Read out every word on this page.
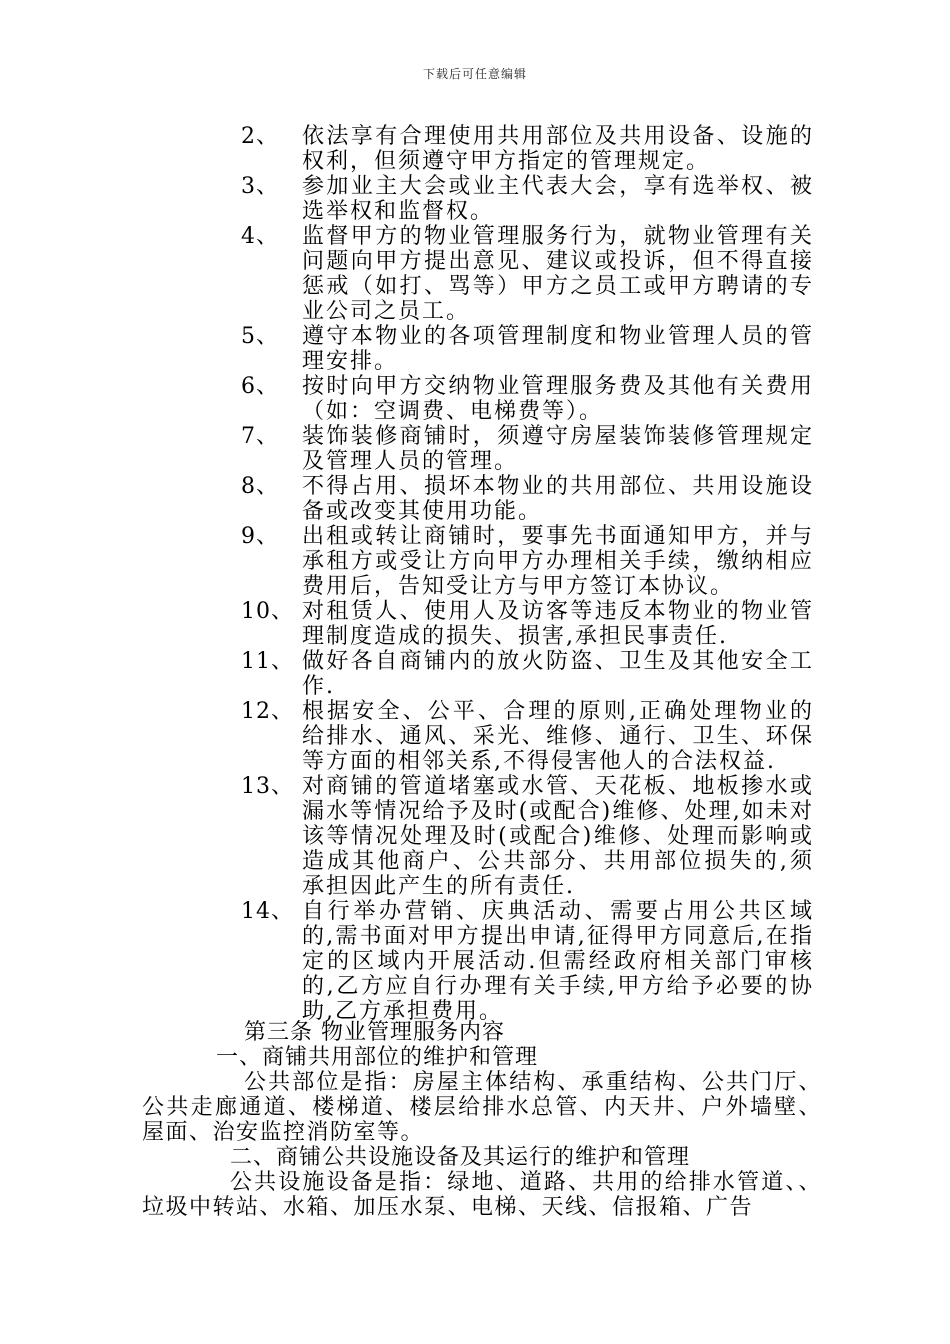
下载后可任意编辑
2、	依法享有合理使用共用部位及共用设备、设施的权利，但须遵守甲方指定的管理规定。
3、	参加业主大会或业主代表大会，享有选举权、被选举权和监督权。
4、	监督甲方的物业管理服务行为，就物业管理有关问题向甲方提出意见、建议或投诉，但不得直接惩戒（如打、骂等）甲方之员工或甲方聘请的专业公司之员工。
5、	遵守本物业的各项管理制度和物业管理人员的管理安排。
6、	按时向甲方交纳物业管理服务费及其他有关费用（如：空调费、电梯费等）。
7、	装饰装修商铺时，须遵守房屋装饰装修管理规定及管理人员的管理。
8、	不得占用、损坏本物业的共用部位、共用设施设备或改变其使用功能。
9、	出租或转让商铺时，要事先书面通知甲方，并与承租方或受让方向甲方办理相关手续，缴纳相应费用后，告知受让方与甲方签订本协议。
10、 对租赁人、使用人及访客等违反本物业的物业管理制度造成的损失、损害,承担民事责任.
11、 做好各自商铺内的放火防盗、卫生及其他安全工作.
12、 根据安全、公平、合理的原则,正确处理物业的给排水、通风、采光、维修、通行、卫生、环保等方面的相邻关系,不得侵害他人的合法权益.
13、 对商铺的管道堵塞或水管、天花板、地板掺水或漏水等情况给予及时(或配合)维修、处理,如未对该等情况处理及时(或配合)维修、处理而影响或造成其他商户、公共部分、共用部位损失的,须承担因此产生的所有责任.
14、 自行举办营销、庆典活动、需要占用公共区域的,需书面对甲方提出申请,征得甲方同意后,在指定的区域内开展活动.但需经政府相关部门审核的,乙方应自行办理有关手续,甲方给予必要的协助,乙方承担费用。
第三条 物业管理服务内容
一、商铺共用部位的维护和管理
公共部位是指：房屋主体结构、承重结构、公共门厅、公共走廊通道、楼梯道、楼层给排水总管、内天井、户外墙壁、屋面、治安监控消防室等。
二、商铺公共设施设备及其运行的维护和管理
公共设施设备是指：绿地、道路、共用的给排水管道、、垃圾中转站、水箱、加压水泵、电梯、天线、信报箱、广告
